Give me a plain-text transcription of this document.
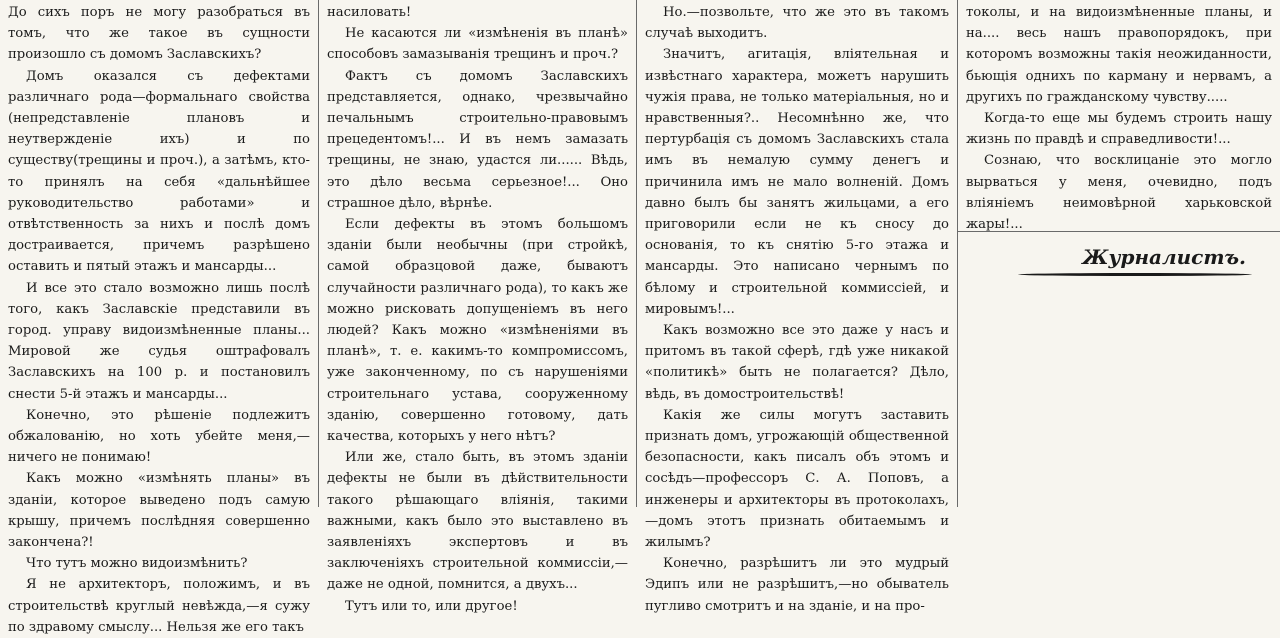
До сихъ поръ не могу разобраться въ томъ, что же такое въ сущности произошло съ домомъ Заславскихъ?

Домъ оказался съ дефектами различнаго рода—формальнаго свойства (непредставленіе плановъ и неутвержденіе ихъ) и по существу(трещины и проч.), а затѣмъ, кто-то принялъ на себя «дальнѣйшее руководительство работами» и отвѣтственность за нихъ и послѣ домъ достраивается, причемъ разрѣшено оставить и пятый этажъ и мансарды...

И все это стало возможно лишь послѣ того, какъ Заславскіе представили въ город. управу видоизмѣненные планы... Мировой же судья оштрафовалъ Заславскихъ на 100 р. и постановилъ снести 5-й этажъ и мансарды...

Конечно, это рѣшеніе подлежитъ обжалованію, но хоть убейте меня,—ничего не понимаю!

Какъ можно «измѣнять планы» въ зданіи, которое выведено подъ самую крышу, причемъ послѣдняя совершенно закончена?!

Что тутъ можно видоизмѣнить?

Я не архитекторъ, положимъ, и въ строительствѣ круглый невѣжда,—я сужу по здравому смыслу... Нельзя же его такъ

насиловать!

Не касаются ли «измѣненія въ планѣ» способовъ замазыванія трещинъ и проч.?

Фактъ съ домомъ Заславскихъ представляется, однако, чрезвычайно печальнымъ строительно-правовымъ прецедентомъ!... И въ немъ замазать трещины, не знаю, удастся ли...... Вѣдь, это дѣло весьма серьезное!... Оно страшное дѣло, вѣрнѣе.

Если дефекты въ этомъ большомъ зданіи были необычны (при стройкѣ, самой образцовой даже, бываютъ случайности различнаго рода), то какъ же можно рисковать допущеніемъ въ него людей? Какъ можно «измѣненіями въ планѣ», т. е. какимъ-то компромиссомъ, уже законченному, по съ нарушеніями строительнаго устава, сооруженному зданію, совершенно готовому, дать качества, которыхъ у него нѣтъ?

Или же, стало быть, въ этомъ зданіи дефекты не были въ дѣйствительности такого рѣшающаго вліянія, такими важными, какъ было это выставлено въ заявленіяхъ экспертовъ и въ заключеніяхъ строительной коммиссіи,—даже не одной, помнится, а двухъ...

Тутъ или то, или другое!

Но.—позвольте, что же это въ такомъ случаѣ выходитъ.

Значитъ, агитація, вліятельная и извѣстнаго характера, можетъ нарушить чужія права, не только матеріальныя, но и нравственныя?.. Несомнѣнно же, что пертурбація съ домомъ Заславскихъ стала имъ въ немалую сумму денегъ и причинила имъ не мало волненій. Домъ давно былъ бы занятъ жильцами, а его приговорили если не къ сносу до основанія, то къ снятію 5-го этажа и мансарды. Это написано чернымъ по бѣлому и строительной коммиссіей, и мировымъ!...

Какъ возможно все это даже у насъ и притомъ въ такой сферѣ, гдѣ уже никакой «политикѣ» быть не полагается? Дѣло, вѣдь, въ домостроительствѣ!

Какія же силы могутъ заставить признать домъ, угрожающій общественной безопасности, какъ писалъ объ этомъ и сосѣдъ—профессоръ С. А. Поповъ, а инженеры и архитекторы въ протоколахъ,—домъ этотъ признать обитаемымъ и жилымъ?

Конечно, разрѣшитъ ли это мудрый Эдипъ или не разрѣшитъ,—но обыватель пугливо смотритъ и на зданіе, и на про-

токолы, и на видоизмѣненные планы, и на.... весь нашъ правопорядокъ, при которомъ возможны такія неожиданности, бьющія однихъ по карману и нервамъ, а другихъ по гражданскому чувству.....

Когда-то еще мы будемъ строить нашу жизнь по правдѣ и справедливости!...

Сознаю, что восклицаніе это могло вырваться у меня, очевидно, подъ вліяніемъ неимовѣрной харьковской жары!...

Журналистъ.
